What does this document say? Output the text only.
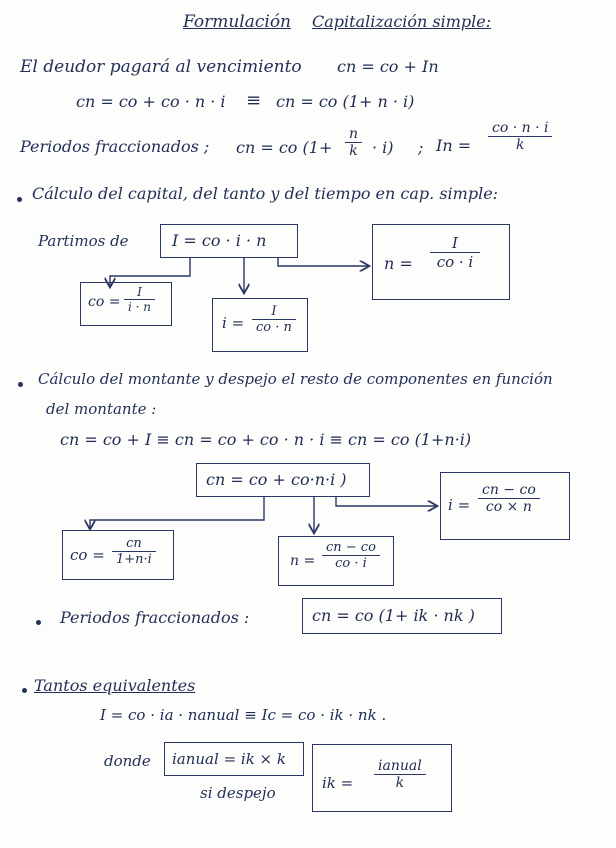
Formulación Capitalización simple:
El deudor pagará al vencimiento cn = co + In
cn = co + co · n · i ≡ cn = co (1+ n · i)
Periodos fraccionados ; cn = co $(1+ \frac{n}{k} \cdot i)$ ; $In = \frac{co \cdot n \cdot i}{k}$
Cálculo del capital, del tanto y del tiempo en cap. simple:
Partimos de	I = co · i · n
$n = \frac{I}{co \cdot i}$
co = $\frac{I}{i \cdot n}$
$i = \frac{I}{co \cdot n}$
Cálculo del montante y despejo el resto de componentes en función
del montante :
cn = co + I ≡ cn = co + co · n · i ≡ cn = co (1+n·i)
cn = co + co·n·i )
$i = \frac{cn - co}{co \times n}$
co = $\frac{cn}{1+n\cdot i}$	$n = \frac{cn - co}{co \cdot i}$
Periodos fraccionados :	cn = co (1+ ik · nk )
Tantos equivalentes
I = co · ia · nanual ≡ Ic = co · ik · nk .
donde ianual = ik × k
si despejo
ik =
ianual
k
